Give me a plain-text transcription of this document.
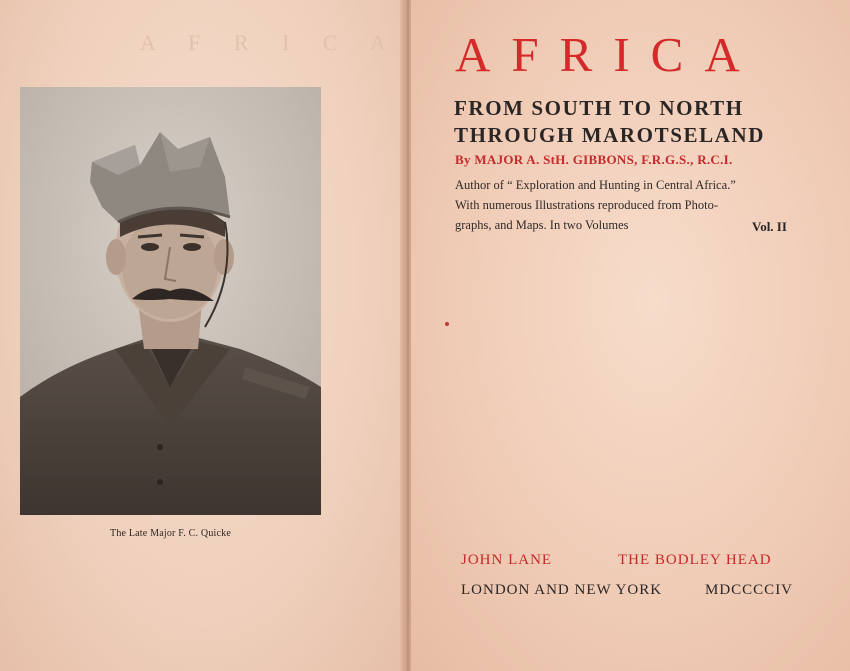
A F R I C A
The Late Major F. C. Quicke
AFRICA
FROM SOUTH TO NORTH
THROUGH MAROTSELAND
By MAJOR A. StH. GIBBONS, F.R.G.S., R.C.I.
Author of “ Exploration and Hunting in Central Africa.”
With numerous Illustrations reproduced from Photo-
graphs, and Maps. In two Volumes	Vol. II
JOHN LANE	THE BODLEY HEAD
LONDON AND NEW YORK	MDCCCCIV
